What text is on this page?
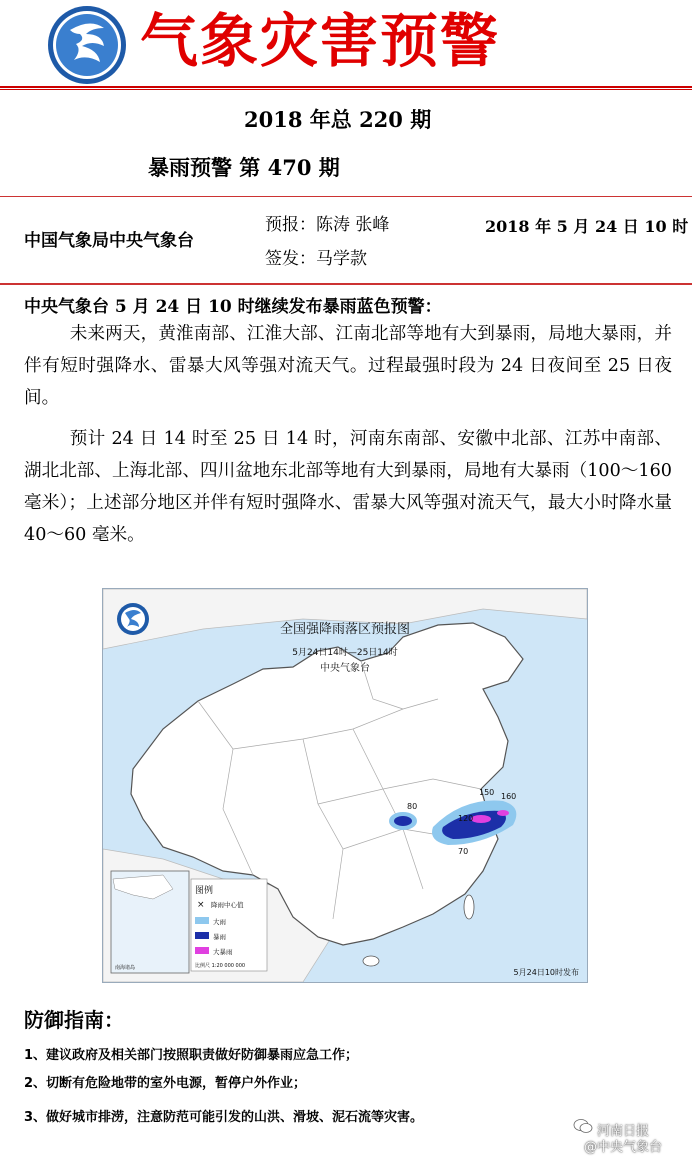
气象灾害预警
2018 年总 220 期
暴雨预警 第 470 期
中国气象局中央气象台
预报：陈涛 张峰
签发：马学款
2018 年 5 月 24 日 10 时
中央气象台 5 月 24 日 10 时继续发布暴雨蓝色预警：
未来两天，黄淮南部、江淮大部、江南北部等地有大到暴雨，局地大暴雨，并伴有短时强降水、雷暴大风等强对流天气。过程最强时段为 24 日夜间至 25 日夜间。
预计 24 日 14 时至 25 日 14 时，河南东南部、安徽中北部、江苏中南部、湖北北部、上海北部、四川盆地东北部等地有大到暴雨，局地有大暴雨（100～160 毫米）；上述部分地区并伴有短时强降水、雷暴大风等强对流天气，最大小时降水量 40～60 毫米。
80
150 160
120
70
全国强降雨落区预报图
5月24日14时—25日14时
中央气象台
南海诸岛
图例
× 降雨中心值
大雨
暴雨
大暴雨
比例尺 1:20 000 000
5月24日10时发布
防御指南：
1、建议政府及相关部门按照职责做好防御暴雨应急工作；
2、切断有危险地带的室外电源，暂停户外作业；
3、做好城市排涝，注意防范可能引发的山洪、滑坡、泥石流等灾害。
河南日报
@中央气象台
